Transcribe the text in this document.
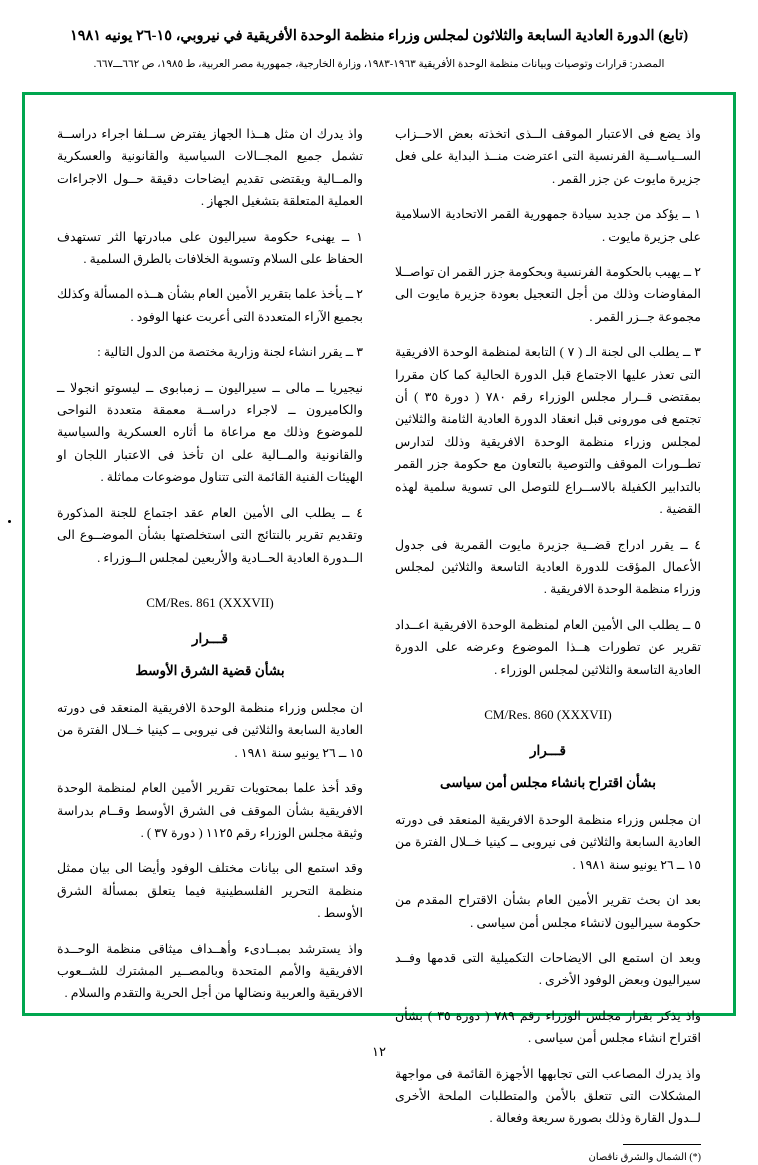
(تابع) الدورة العادية السابعة والثلاثون لمجلس وزراء منظمة الوحدة الأفريقية في نيروبي، ١٥-٢٦ يونيه ١٩٨١
المصدر: قرارات وتوصيات وبيانات منظمة الوحدة الأفريقية ١٩٦٣-١٩٨٣، وزارة الخارجية، جمهورية مصر العربية، ط ١٩٨٥، ص ٦٦٢ـــ٦٦٧.

واذ يضع فى الاعتبار الموقف الــذى اتخذته بعض الاحــزاب الســياســية الفرنسية التى اعترضت منــذ البداية على فعل جزيرة مايوت عن جزر القمر .

١ ــ يؤكد من جديد سيادة جمهورية القمر الاتحادية الاسلامية على جزيرة مايوت .

٢ ــ يهيب بالحكومة الفرنسية وبحكومة جزر القمر ان تواصــلا المفاوضات وذلك من أجل التعجيل بعودة جزيرة مايوت الى مجموعة جــزر القمر .

٣ ــ يطلب الى لجنة الـ ( ٧ ) التابعة لمنظمة الوحدة الافريقية التى تعذر عليها الاجتماع قبل الدورة الحالية كما كان مقررا بمقتضى قــرار مجلس الوزراء رقم ٧٨٠ ( دورة ٣٥ ) أن تجتمع فى مورونى قبل انعقاد الدورة العادية الثامنة والثلاثين لمجلس وزراء منظمة الوحدة الافريقية وذلك لتدارس تطــورات الموقف والتوصية بالتعاون مع حكومة جزر القمر بالتدابير الكفيلة بالاســراع للتوصل الى تسوية سلمية لهذه القضية .

٤ ــ يقرر ادراج قضــية جزيرة مايوت القمرية فى جدول الأعمال المؤقت للدورة العادية التاسعة والثلاثين لمجلس وزراء منظمة الوحدة الافريقية .

٥ ــ يطلب الى الأمين العام لمنظمة الوحدة الافريقية اعــداد تقرير عن تطورات هــذا الموضوع وعرضه على الدورة العادية التاسعة والثلاثين لمجلس الوزراء .

CM/Res. 860 (XXXVII)
قـــرار
بشأن اقتراح بانشاء مجلس أمن سياسى

ان مجلس وزراء منظمة الوحدة الافريقية المنعقد فى دورته العادية السابعة والثلاثين فى نيروبى ــ كينيا خــلال الفترة من ١٥ ــ ٢٦ يونيو سنة ١٩٨١ .

بعد ان بحث تقرير الأمين العام بشأن الاقتراح المقدم من حكومة سيراليون لانشاء مجلس أمن سياسى .

وبعد ان استمع الى الايضاحات التكميلية التى قدمها وفــد سيراليون وبعض الوفود الأخرى .

واذ يذكر بقرار مجلس الوزراء رقم ٧٨٩ ( دورة ٣٥ ) بشأن اقتراح انشاء مجلس أمن سياسى .

واذ يدرك المصاعب التى تجابهها الأجهزة القائمة فى مواجهة المشكلات التى تتعلق بالأمن والمتطلبات الملحة الأخرى لــدول القارة وذلك بصورة سريعة وفعالة .

(*) الشمال والشرق ناقصان

واذ يدرك ان مثل هــذا الجهاز يفترض ســلفا اجراء دراســة تشمل جميع المجــالات السياسية والقانونية والعسكرية والمــالية ويقتضى تقديم ايضاحات دقيقة حــول الاجراءات العملية المتعلقة بتشغيل الجهاز .

١ ــ يهنىء حكومة سيراليون على مبادرتها الثر تستهدف الحفاظ على السلام وتسوية الخلافات بالطرق السلمية .

٢ ــ يأخذ علما بتقرير الأمين العام بشأن هــذه المسألة وكذلك بجميع الآراء المتعددة التى أعربت عنها الوفود .

٣ ــ يقرر انشاء لجنة وزارية مختصة من الدول التالية :

نيجيريا ــ مالى ــ سيراليون ــ زمبابوى ــ ليسوتو انجولا ــ والكاميرون ــ لاجراء دراســة معمقة متعددة النواحى للموضوع وذلك مع مراعاة ما أثاره العسكرية والسياسية والقانونية والمــالية على ان تأخذ فى الاعتبار اللجان او الهيئات الفنية القائمة التى تتناول موضوعات مماثلة .

٤ ــ يطلب الى الأمين العام عقد اجتماع للجنة المذكورة وتقديم تقرير بالنتائج التى استخلصتها بشأن الموضــوع الى الــدورة العادية الحــادية والأربعين لمجلس الــوزراء .

CM/Res. 861 (XXXVII)
قـــرار
بشأن قضية الشرق الأوسط

ان مجلس وزراء منظمة الوحدة الافريقية المنعقد فى دورته العادية السابعة والثلاثين فى نيروبى ــ كينيا خــلال الفترة من ١٥ ــ ٢٦ يونيو سنة ١٩٨١ .

وقد أخذ علما بمحتويات تقرير الأمين العام لمنظمة الوحدة الافريقية بشأن الموقف فى الشرق الأوسط وقــام بدراسة وثيقة مجلس الوزراء رقم ١١٢٥ ( دورة ٣٧ ) .

وقد استمع الى بيانات مختلف الوفود وأيضا الى بيان ممثل منظمة التحرير الفلسطينية فيما يتعلق بمسألة الشرق الأوسط .

واذ يسترشد بمبــادىء وأهــداف ميثاقى منظمة الوحــدة الافريقية والأمم المتحدة وبالمصــير المشترك للشــعوب الافريقية والعربية ونضالها من أجل الحرية والتقدم والسلام .

١٢
